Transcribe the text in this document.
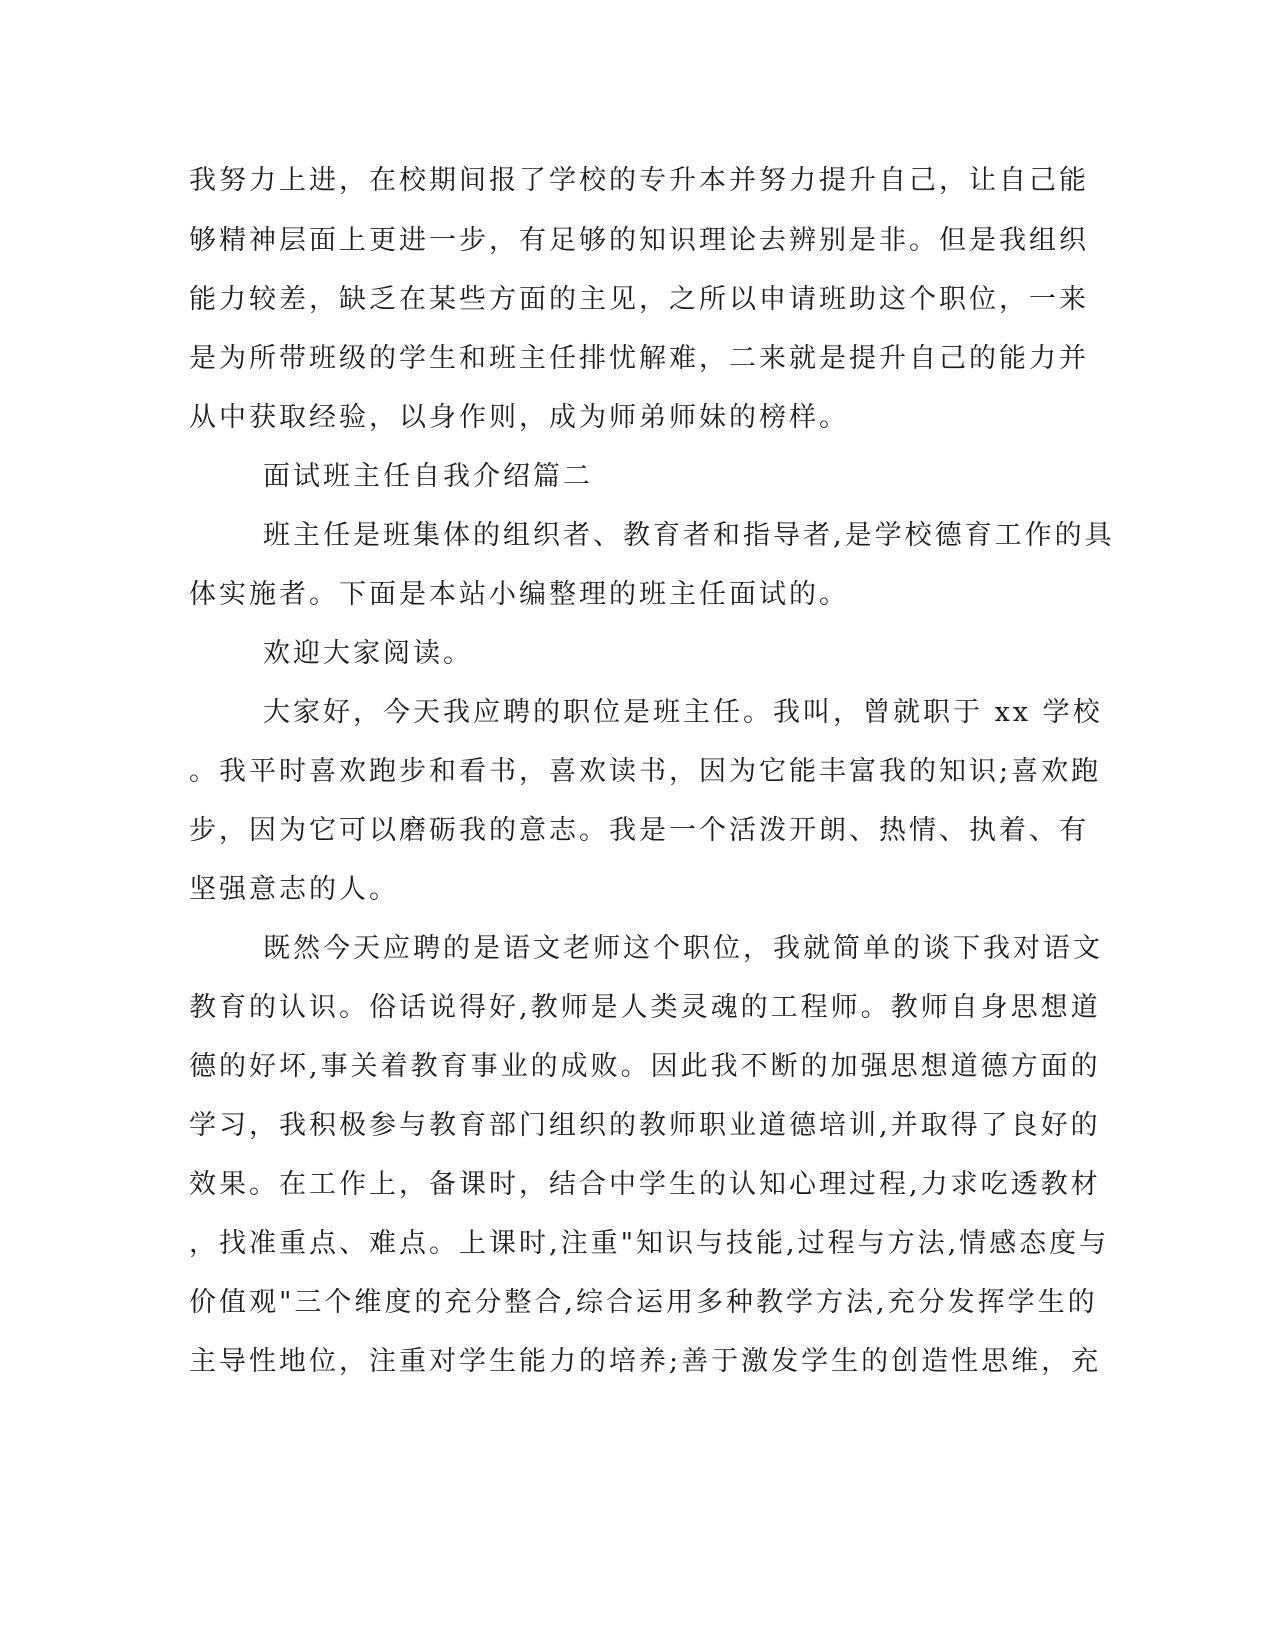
我努力上进，在校期间报了学校的专升本并努力提升自己，让自己能
够精神层面上更进一步，有足够的知识理论去辨别是非。但是我组织
能力较差，缺乏在某些方面的主见，之所以申请班助这个职位，一来
是为所带班级的学生和班主任排忧解难，二来就是提升自己的能力并
从中获取经验，以身作则，成为师弟师妹的榜样。
面试班主任自我介绍篇二
班主任是班集体的组织者、教育者和指导者,是学校德育工作的具
体实施者。下面是本站小编整理的班主任面试的。
欢迎大家阅读。
大家好，今天我应聘的职位是班主任。我叫，曾就职于 xx 学校
。我平时喜欢跑步和看书，喜欢读书，因为它能丰富我的知识;喜欢跑
步，因为它可以磨砺我的意志。我是一个活泼开朗、热情、执着、有
坚强意志的人。
既然今天应聘的是语文老师这个职位，我就简单的谈下我对语文
教育的认识。俗话说得好,教师是人类灵魂的工程师。教师自身思想道
德的好坏,事关着教育事业的成败。因此我不断的加强思想道德方面的
学习，我积极参与教育部门组织的教师职业道德培训,并取得了良好的
效果。在工作上，备课时，结合中学生的认知心理过程,力求吃透教材
，找准重点、难点。上课时,注重"知识与技能,过程与方法,情感态度与
价值观"三个维度的充分整合,综合运用多种教学方法,充分发挥学生的
主导性地位，注重对学生能力的培养;善于激发学生的创造性思维，充
